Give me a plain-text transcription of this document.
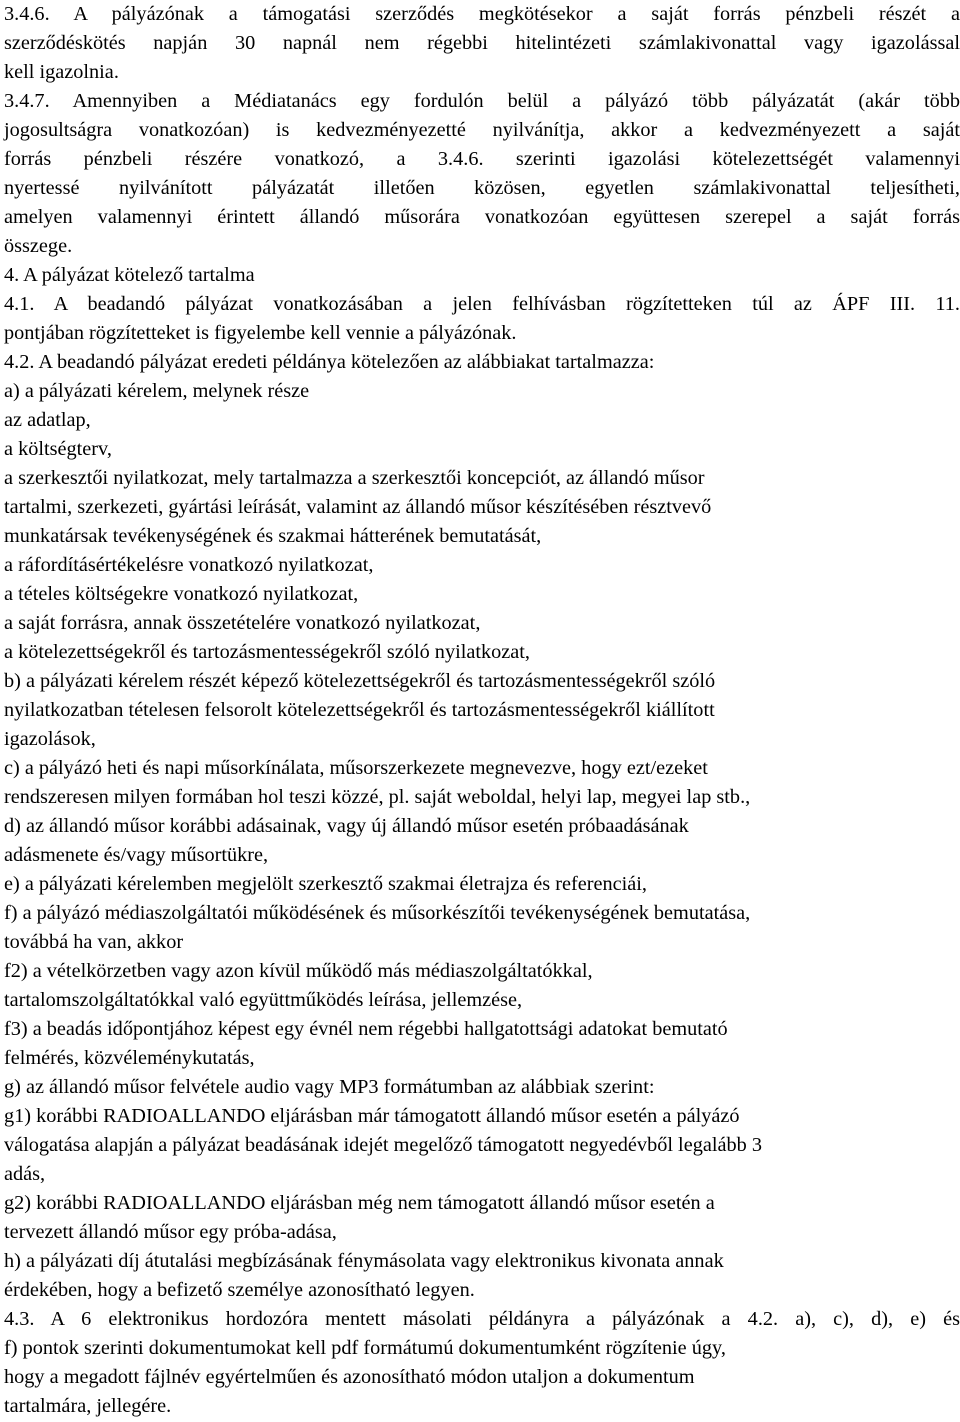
3.4.6. A pályázónak a támogatási szerződés megkötésekor a saját forrás pénzbeli részét a
szerződéskötés napján 30 napnál nem régebbi hitelintézeti számlakivonattal vagy igazolással
kell igazolnia.
3.4.7. Amennyiben a Médiatanács egy fordulón belül a pályázó több pályázatát (akár több
jogosultságra vonatkozóan) is kedvezményezetté nyilvánítja, akkor a kedvezményezett a saját
forrás pénzbeli részére vonatkozó, a 3.4.6. szerinti igazolási kötelezettségét valamennyi
nyertessé nyilvánított pályázatát illetően közösen, egyetlen számlakivonattal teljesítheti,
amelyen valamennyi érintett állandó műsorára vonatkozóan együttesen szerepel a saját forrás
összege.
4. A pályázat kötelező tartalma
4.1. A beadandó pályázat vonatkozásában a jelen felhívásban rögzítetteken túl az ÁPF III. 11.
pontjában rögzítetteket is figyelembe kell vennie a pályázónak.
4.2. A beadandó pályázat eredeti példánya kötelezően az alábbiakat tartalmazza:
a) a pályázati kérelem, melynek része
az adatlap,
a költségterv,
a szerkesztői nyilatkozat, mely tartalmazza a szerkesztői koncepciót, az állandó műsor
tartalmi, szerkezeti, gyártási leírását, valamint az állandó műsor készítésében résztvevő
munkatársak tevékenységének és szakmai hátterének bemutatását,
a ráfordításértékelésre vonatkozó nyilatkozat,
a tételes költségekre vonatkozó nyilatkozat,
a saját forrásra, annak összetételére vonatkozó nyilatkozat,
a kötelezettségekről és tartozásmentességekről szóló nyilatkozat,
b) a pályázati kérelem részét képező kötelezettségekről és tartozásmentességekről szóló
nyilatkozatban tételesen felsorolt kötelezettségekről és tartozásmentességekről kiállított
igazolások,
c) a pályázó heti és napi műsorkínálata, műsorszerkezete megnevezve, hogy ezt/ezeket
rendszeresen milyen formában hol teszi közzé, pl. saját weboldal, helyi lap, megyei lap stb.,
d) az állandó műsor korábbi adásainak, vagy új állandó műsor esetén próbaadásának
adásmenete és/vagy műsortükre,
e) a pályázati kérelemben megjelölt szerkesztő szakmai életrajza és referenciái,
f) a pályázó médiaszolgáltatói működésének és műsorkészítői tevékenységének bemutatása,
továbbá ha van, akkor
f2) a vételkörzetben vagy azon kívül működő más médiaszolgáltatókkal,
tartalomszolgáltatókkal való együttműködés leírása, jellemzése,
f3) a beadás időpontjához képest egy évnél nem régebbi hallgatottsági adatokat bemutató
felmérés, közvéleménykutatás,
g) az állandó műsor felvétele audio vagy MP3 formátumban az alábbiak szerint:
g1) korábbi RADIOALLANDO eljárásban már támogatott állandó műsor esetén a pályázó
válogatása alapján a pályázat beadásának idejét megelőző támogatott negyedévből legalább 3
adás,
g2) korábbi RADIOALLANDO eljárásban még nem támogatott állandó műsor esetén a
tervezett állandó műsor egy próba-adása,
h) a pályázati díj átutalási megbízásának fénymásolata vagy elektronikus kivonata annak
érdekében, hogy a befizető személye azonosítható legyen.
4.3. A 6 elektronikus hordozóra mentett másolati példányra a pályázónak a 4.2. a), c), d), e) és
f) pontok szerinti dokumentumokat kell pdf formátumú dokumentumként rögzítenie úgy,
hogy a megadott fájlnév egyértelműen és azonosítható módon utaljon a dokumentum
tartalmára, jellegére.
